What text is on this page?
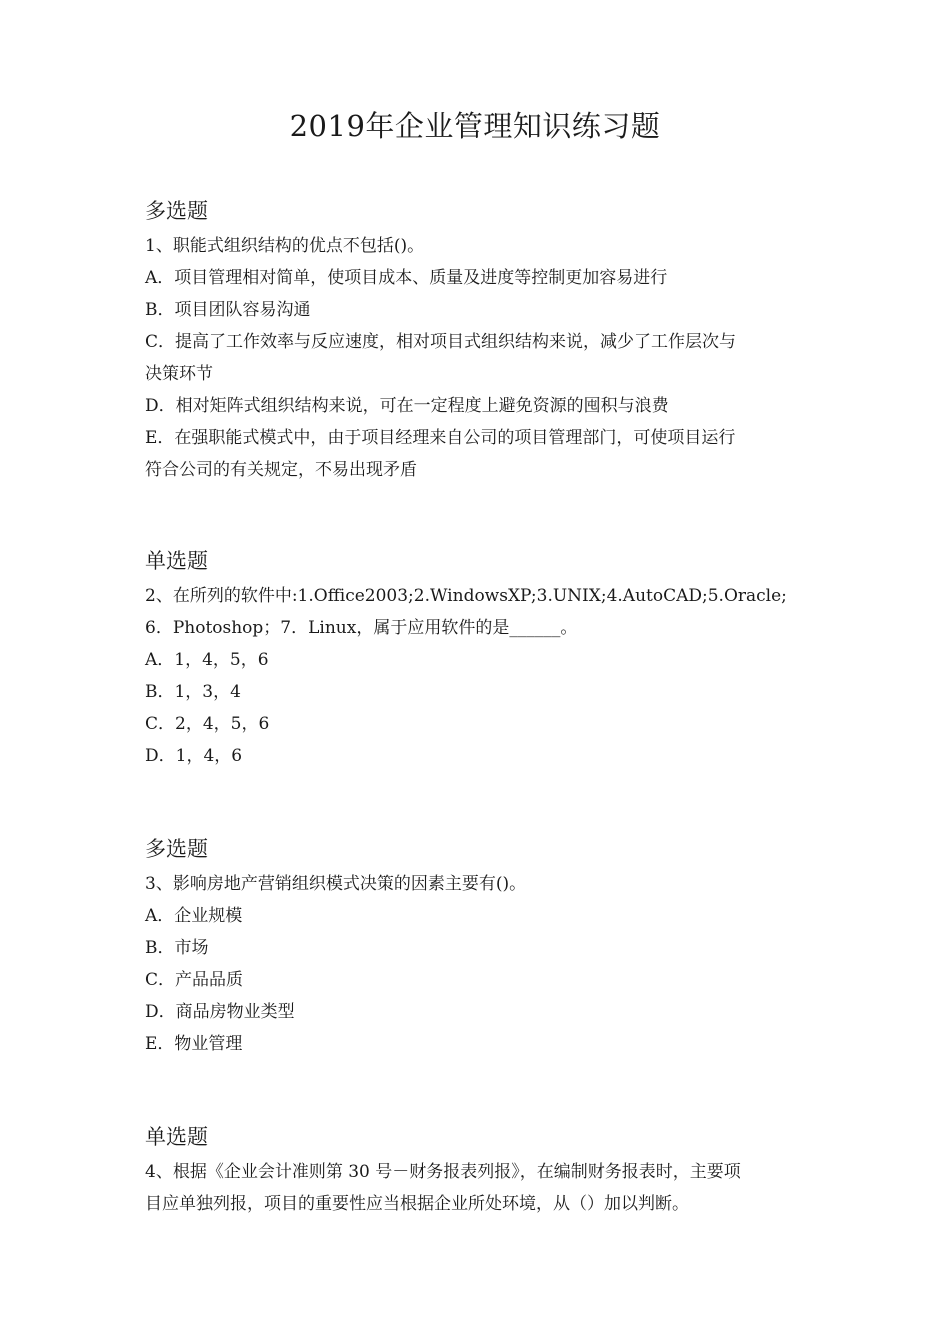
2019年企业管理知识练习题
多选题
1、职能式组织结构的优点不包括()。
A．项目管理相对简单，使项目成本、质量及进度等控制更加容易进行
B．项目团队容易沟通
C．提高了工作效率与反应速度，相对项目式组织结构来说，减少了工作层次与
决策环节
D．相对矩阵式组织结构来说，可在一定程度上避免资源的囤积与浪费
E．在强职能式模式中，由于项目经理来自公司的项目管理部门，可使项目运行
符合公司的有关规定，不易出现矛盾
单选题
2、在所列的软件中:1.Office2003;2.WindowsXP;3.UNIX;4.AutoCAD;5.Oracle;
6．Photoshop；7．Linux，属于应用软件的是______。
A．1，4，5，6
B．1，3，4
C．2，4，5，6
D．1，4，6
多选题
3、影响房地产营销组织模式决策的因素主要有()。
A．企业规模
B．市场
C．产品品质
D．商品房物业类型
E．物业管理
单选题
4、根据《企业会计准则第 30 号－财务报表列报》，在编制财务报表时，主要项
目应单独列报，项目的重要性应当根据企业所处环境，从（）加以判断。
